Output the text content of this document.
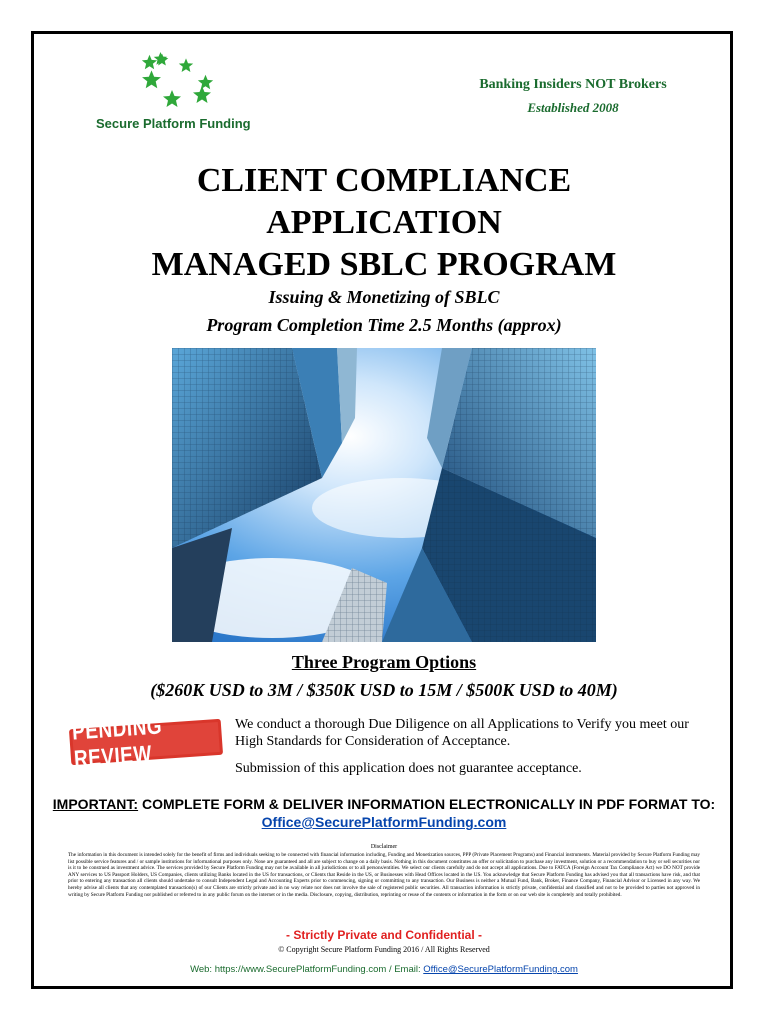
Secure Platform Funding
Banking Insiders NOT Brokers
Established 2008
CLIENT COMPLIANCE
APPLICATION
MANAGED SBLC PROGRAM
Issuing & Monetizing of SBLC
Program Completion Time 2.5 Months (approx)
Three Program Options
($260K USD to 3M / $350K USD to 15M / $500K USD to 40M)
PENDING REVIEW
We conduct a thorough Due Diligence on all Applications to Verify you meet our High Standards for Consideration of Acceptance.
Submission of this application does not guarantee acceptance.
IMPORTANT: COMPLETE FORM & DELIVER INFORMATION ELECTRONICALLY IN PDF FORMAT TO: Office@SecurePlatformFunding.com
Disclaimer
The information in this document is intended solely for the benefit of firms and individuals seeking to be connected with financial information including, Funding and Monetization sources, PPP (Private Placement Programs) and Financial instruments. Material provided by Secure Platform Funding may list possible service features and / or sample institutions for informational purposes only. None are guaranteed and all are subject to change on a daily basis. Nothing in this document constitutes an offer or solicitation to purchase any investment, solution or a recommendation to buy or sell securities nor is it to be construed as investment advice. The services provided by Secure Platform Funding may not be available in all jurisdictions or to all persons/entities. We select our clients carefully and do not accept all applications. Due to FATCA (Foreign Account Tax Compliance Act) we DO NOT provide ANY services to US Passport Holders, US Companies, clients utilizing Banks located in the US for transactions, or Clients that Reside in the US, or Businesses with Head Offices located in the US. You acknowledge that Secure Platform Funding has advised you that all transactions have risk, and that prior to entering any transaction all clients should undertake to consult Independent Legal and Accounting Experts prior to commencing, signing or committing to any transaction. Our Business is neither a Mutual Fund, Bank, Broker, Finance Company, Financial Advisor or Licensed in any way. We hereby advise all clients that any contemplated transaction(s) of our Clients are strictly private and in no way relate nor does not involve the sale of registered public securities. All transaction information is strictly private, confidential and classified and not to be provided to parties not approved in writing by Secure Platform Funding nor published or referred to in any public forum on the internet or in the media. Disclosure, copying, distribution, reprinting or reuse of the contents or information in the form or on our web site is completely and totally prohibited.
- Strictly Private and Confidential -
© Copyright Secure Platform Funding 2016 / All Rights Reserved
Web: https://www.SecurePlatformFunding.com / Email: Office@SecurePlatformFunding.com
